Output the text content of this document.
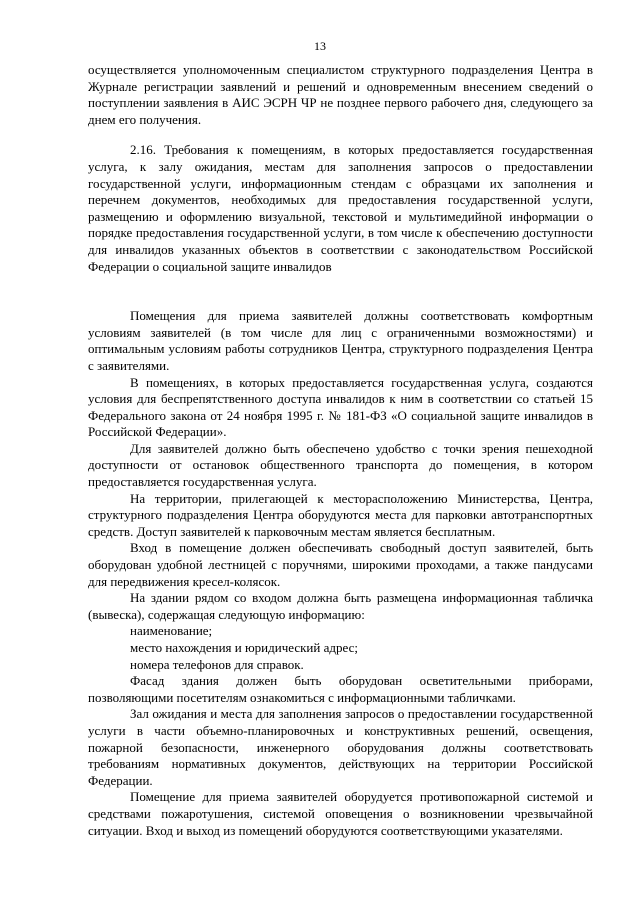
13

осуществляется уполномоченным специалистом структурного подразделения Центра в Журнале регистрации заявлений и решений и одновременным внесением сведений о поступлении заявления в АИС ЭСРН ЧР не позднее первого рабочего дня, следующего за днем его получения.

2.16. Требования к помещениям, в которых предоставляется государственная услуга, к залу ожидания, местам для заполнения запросов о предоставлении государственной услуги, информационным стендам с образцами их заполнения и перечнем документов, необходимых для предоставления государственной услуги, размещению и оформлению визуальной, текстовой и мультимедийной информации о порядке предоставления государственной услуги, в том числе к обеспечению доступности для инвалидов указанных объектов в соответствии с законодательством Российской Федерации о социальной защите инвалидов

Помещения для приема заявителей должны соответствовать комфортным условиям заявителей (в том числе для лиц с ограниченными возможностями) и оптимальным условиям работы сотрудников Центра, структурного подразделения Центра с заявителями.

В помещениях, в которых предоставляется государственная услуга, создаются условия для беспрепятственного доступа инвалидов к ним в соответствии со статьей 15 Федерального закона от 24 ноября 1995 г. № 181-ФЗ «О социальной защите инвалидов в Российской Федерации».

Для заявителей должно быть обеспечено удобство с точки зрения пешеходной доступности от остановок общественного транспорта до помещения, в котором предоставляется государственная услуга.

На территории, прилегающей к месторасположению Министерства, Центра, структурного подразделения Центра оборудуются места для парковки автотранспортных средств. Доступ заявителей к парковочным местам является бесплатным.

Вход в помещение должен обеспечивать свободный доступ заявителей, быть оборудован удобной лестницей с поручнями, широкими проходами, а также пандусами для передвижения кресел-колясок.

На здании рядом со входом должна быть размещена информационная табличка (вывеска), содержащая следующую информацию:

наименование;

место нахождения и юридический адрес;

номера телефонов для справок.

Фасад здания должен быть оборудован осветительными приборами, позволяющими посетителям ознакомиться с информационными табличками.

Зал ожидания и места для заполнения запросов о предоставлении государственной услуги в части объемно-планировочных и конструктивных решений, освещения, пожарной безопасности, инженерного оборудования должны соответствовать требованиям нормативных документов, действующих на территории Российской Федерации.

Помещение для приема заявителей оборудуется противопожарной системой и средствами пожаротушения, системой оповещения о возникновении чрезвычайной ситуации. Вход и выход из помещений оборудуются соответствующими указателями.
